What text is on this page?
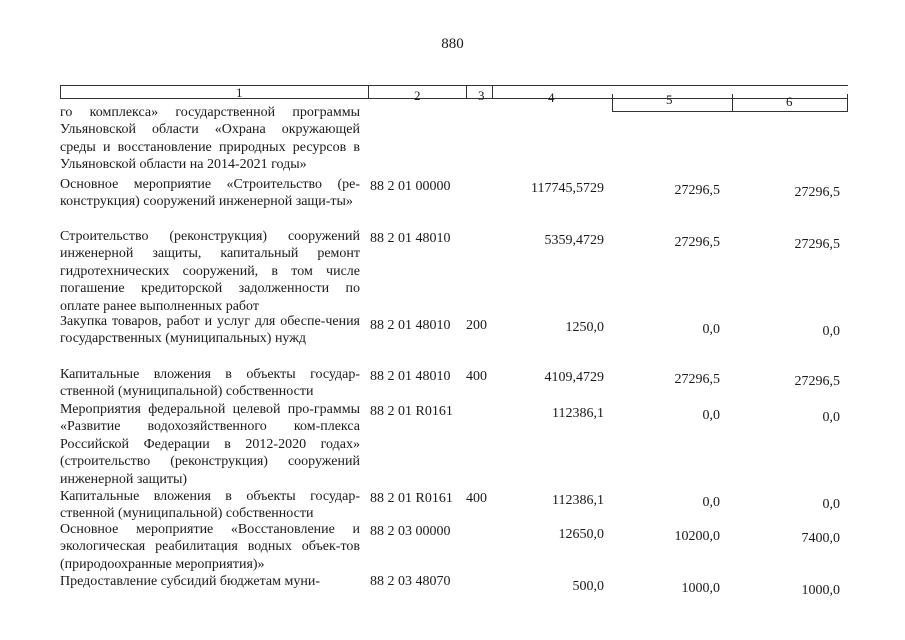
880
1	2	3	4	5	6
го комплекса» государственной программы Ульяновской области «Охрана окружающей среды и восстановление природных ресурсов в Ульяновской области на 2014-2021 годы»
Основное мероприятие «Строительство (ре-конструкция) сооружений инженерной защи-ты»
88 2 01 00000	117745,5729	27296,5	27296,5
Строительство (реконструкция) сооружений инженерной защиты, капитальный ремонт гидротехнических сооружений, в том числе погашение кредиторской задолженности по оплате ранее выполненных работ
88 2 01 48010	5359,4729	27296,5	27296,5
Закупка товаров, работ и услуг для обеспе-чения государственных (муниципальных) нужд
88 2 01 48010 200	1250,0	0,0	0,0
Капитальные вложения в объекты государ-ственной (муниципальной) собственности
88 2 01 48010 400	4109,4729	27296,5	27296,5
Мероприятия федеральной целевой про-граммы «Развитие водохозяйственного ком-плекса Российской Федерации в 2012-2020 годах» (строительство (реконструкция) сооружений инженерной защиты)
88 2 01 R0161	112386,1	0,0	0,0
Капитальные вложения в объекты государ-ственной (муниципальной) собственности
88 2 01 R0161 400	112386,1	0,0	0,0
Основное мероприятие «Восстановление и экологическая реабилитация водных объек-тов (природоохранные мероприятия)»
88 2 03 00000	12650,0	10200,0	7400,0
Предоставление субсидий бюджетам муни-	88 2 03 48070	500,0	1000,0	1000,0
